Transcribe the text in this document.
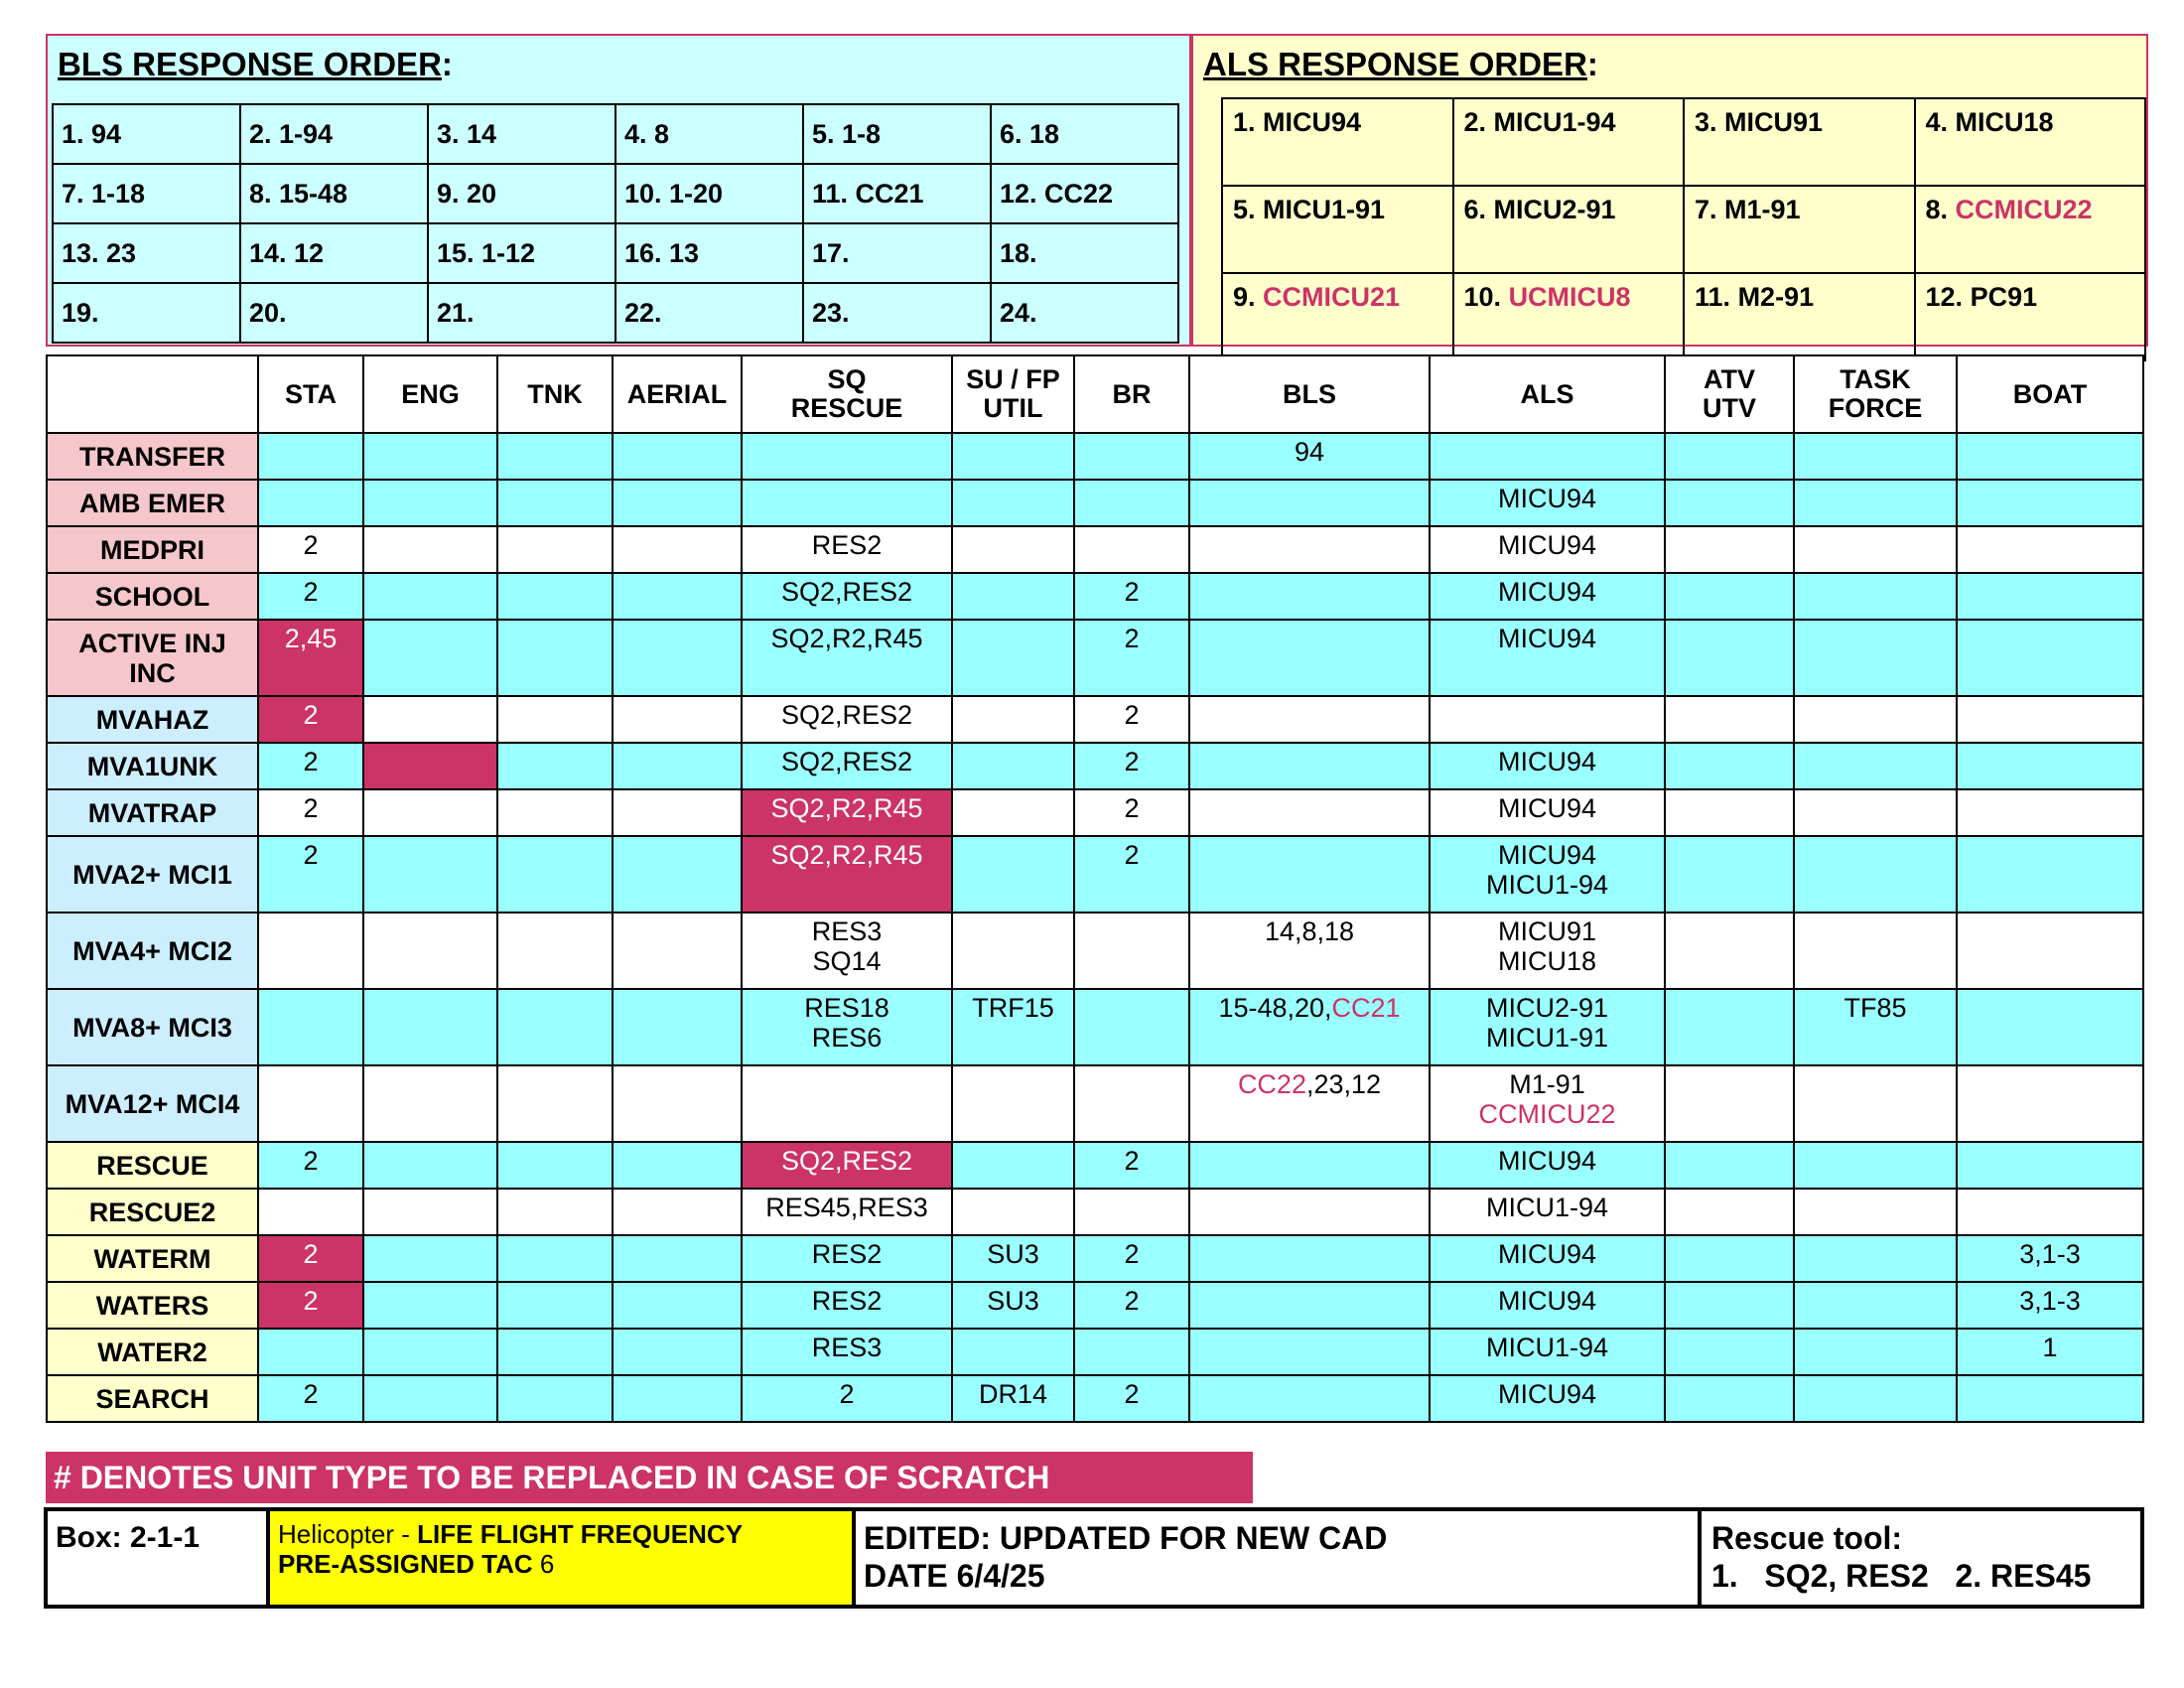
BLS RESPONSE ORDER:
1. 94	2. 1-94	3. 14	4. 8	5. 1-8	6. 18
7. 1-18	8. 15-48	9. 20	10. 1-20	11. CC21	12. CC22
13. 23	14. 12	15. 1-12	16. 13	17.	18.
19.	20.	21.	22.	23.	24.
ALS RESPONSE ORDER:
1. MICU94	2. MICU1-94	3. MICU91	4. MICU18
5. MICU1-91	6. MICU2-91	7. M1-91	8. CCMICU22
9. CCMICU21	10. UCMICU8	11. M2-91	12. PC91
	STA	ENG	TNK	AERIAL	SQ
RESCUE	SU / FP
UTIL	BR	BLS	ALS	ATV
UTV	TASK
FORCE	BOAT
TRANSFER								94				
AMB EMER									MICU94			
MEDPRI	2				RES2				MICU94			
SCHOOL	2				SQ2,RES2		2		MICU94			
ACTIVE INJ
INC	2,45				SQ2,R2,R45		2		MICU94			
MVAHAZ	2				SQ2,RES2		2					
MVA1UNK	2				SQ2,RES2		2		MICU94			
MVATRAP	2				SQ2,R2,R45		2		MICU94			
MVA2+ MCI1	2				SQ2,R2,R45		2		MICU94
MICU1-94			
MVA4+ MCI2					RES3
SQ14			14,8,18	MICU91
MICU18			
MVA8+ MCI3					RES18
RES6	TRF15		15-48,20,CC21	MICU2-91
MICU1-91		TF85	
MVA12+ MCI4								CC22,23,12	M1-91
CCMICU22			
RESCUE	2				SQ2,RES2		2		MICU94			
RESCUE2					RES45,RES3				MICU1-94			
WATERM	2				RES2	SU3	2		MICU94			3,1-3
WATERS	2				RES2	SU3	2		MICU94			3,1-3
WATER2					RES3				MICU1-94			1
SEARCH	2				2	DR14	2		MICU94			
# DENOTES UNIT TYPE TO BE REPLACED IN CASE OF SCRATCH
Box: 2-1-1	Helicopter - LIFE FLIGHT FREQUENCY
PRE-ASSIGNED TAC 6
EDITED: UPDATED FOR NEW CAD
DATE 6/4/25
Rescue tool:
1.   SQ2, RES2   2. RES45
